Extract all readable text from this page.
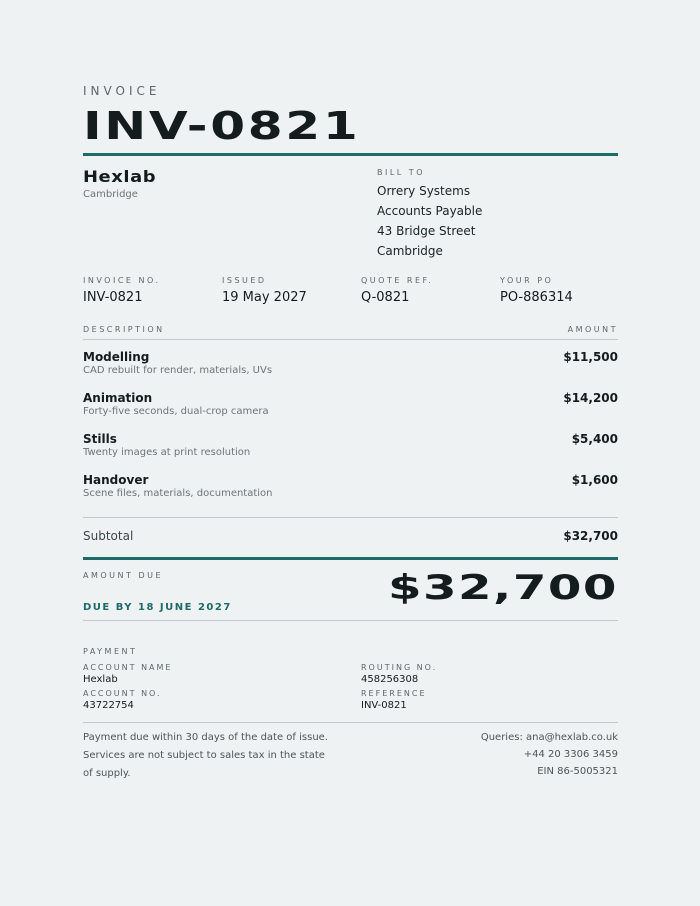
INVOICE
INV-0821
Hexlab
Cambridge
BILL TO
Orrery Systems
Accounts Payable
43 Bridge Street
Cambridge
INVOICE NO.
INV-0821
ISSUED
19 May 2027
QUOTE REF.
Q-0821
YOUR PO
PO-886314
DESCRIPTION	AMOUNT
Modelling
CAD rebuilt for render, materials, UVs
$11,500
Animation
Forty-five seconds, dual-crop camera
$14,200
Stills
Twenty images at print resolution
$5,400
Handover
Scene files, materials, documentation
$1,600
Subtotal	$32,700
AMOUNT DUE
DUE BY 18 JUNE 2027	$32,700
PAYMENT
ACCOUNT NAME
Hexlab
ACCOUNT NO.
43722754
ROUTING NO.
458256308
REFERENCE
INV-0821
Payment due within 30 days of the date of issue. Services are not subject to sales tax in the state of supply.
Queries: ana@hexlab.co.uk
+44 20 3306 3459
EIN 86-5005321
